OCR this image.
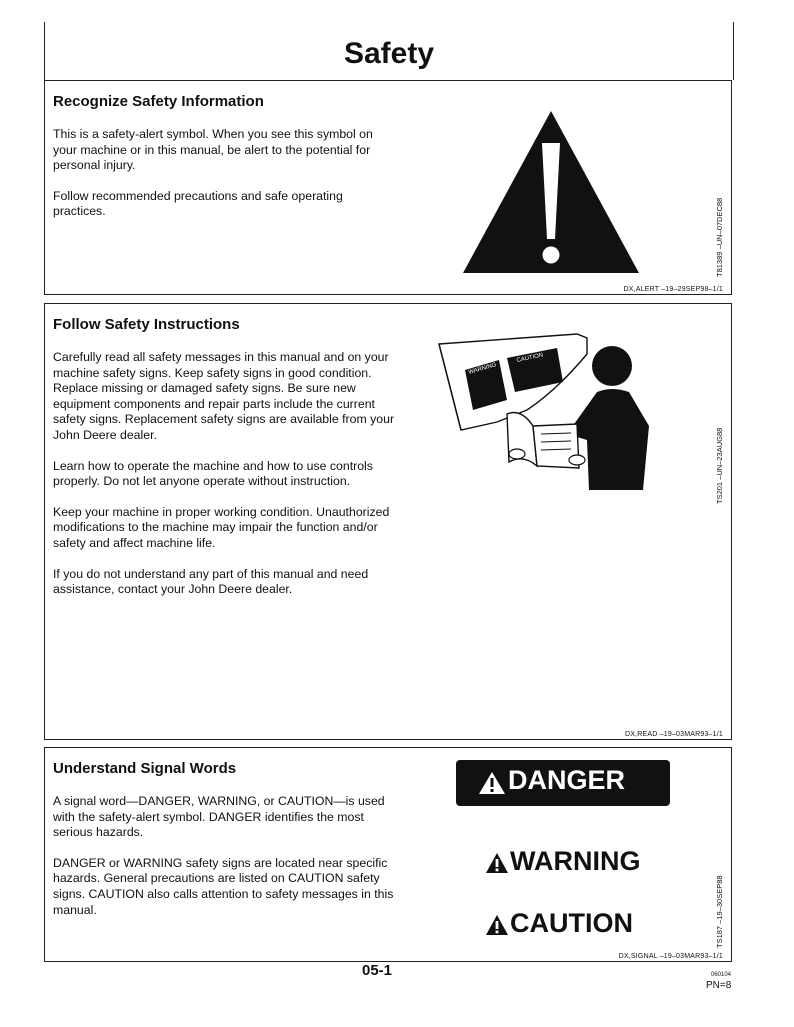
Safety
Recognize Safety Information

This is a safety-alert symbol. When you see this symbol on your machine or in this manual, be alert to the potential for personal injury.

Follow recommended precautions and safe operating practices.	T81389 –UN–07DEC88
DX,ALERT –19–29SEP98–1/1
Follow Safety Instructions

Carefully read all safety messages in this manual and on your machine safety signs. Keep safety signs in good condition. Replace missing or damaged safety signs. Be sure new equipment components and repair parts include the current safety signs. Replacement safety signs are available from your John Deere dealer.

Learn how to operate the machine and how to use controls properly. Do not let anyone operate without instruction.

Keep your machine in proper working condition. Unauthorized modifications to the machine may impair the function and/or safety and affect machine life.

If you do not understand any part of this manual and need assistance, contact your John Deere dealer.

WARNING
CAUTION
TS201 –UN–23AUG88
DX,READ –19–03MAR93–1/1
Understand Signal Words

A signal word—DANGER, WARNING, or CAUTION—is used with the safety-alert symbol. DANGER identifies the most serious hazards.

DANGER or WARNING safety signs are located near specific hazards. General precautions are listed on CAUTION safety signs. CAUTION also calls attention to safety messages in this manual.

DANGER
WARNING
CAUTION	TS187 –19–30SEP88
DX,SIGNAL –19–03MAR93–1/1
05-1	060104
PN=8
